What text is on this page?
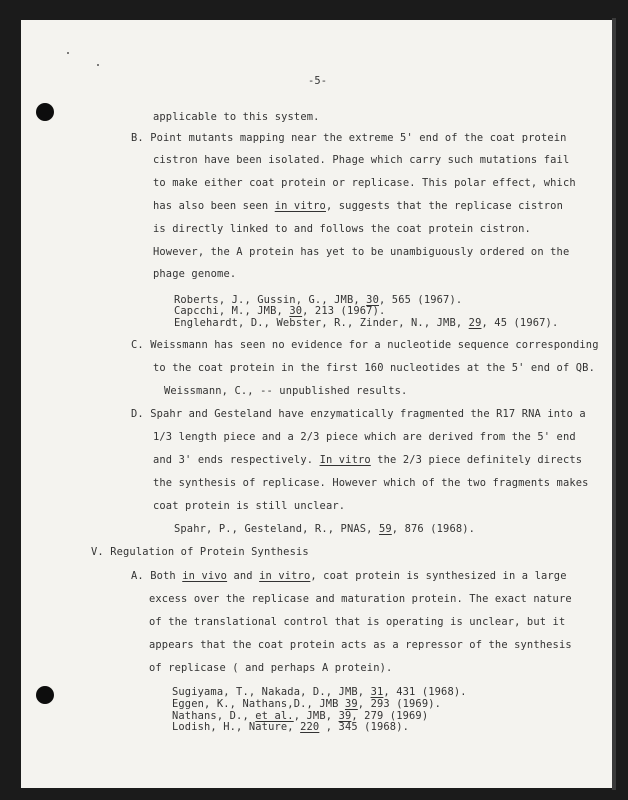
-5-
applicable to this system.
B. Point mutants mapping near the extreme 5' end of the coat protein
cistron have been isolated. Phage which carry such mutations fail
to make either coat protein or replicase. This polar effect, which
has also been seen in vitro, suggests that the replicase cistron
is directly linked to and follows the coat protein cistron.
However, the A protein has yet to be unambiguously ordered on the
phage genome.
Roberts, J., Gussin, G., JMB, 30, 565 (1967).
Capcchi, M., JMB, 30, 213 (1967).
Englehardt, D., Webster, R., Zinder, N., JMB, 29, 45 (1967).
C. Weissmann has seen no evidence for a nucleotide sequence corresponding
to the coat protein in the first 160 nucleotides at the 5' end of QB.
Weissmann, C., -- unpublished results.
D. Spahr and Gesteland have enzymatically fragmented the R17 RNA into a
1/3 length piece and a 2/3 piece which are derived from the 5' end
and 3' ends respectively. In vitro the 2/3 piece definitely directs
the synthesis of replicase. However which of the two fragments makes
coat protein is still unclear.
Spahr, P., Gesteland, R., PNAS, 59, 876 (1968).
V. Regulation of Protein Synthesis
A. Both in vivo and in vitro, coat protein is synthesized in a large
excess over the replicase and maturation protein. The exact nature
of the translational control that is operating is unclear, but it
appears that the coat protein acts as a repressor of the synthesis
of replicase ( and perhaps A protein).
Sugiyama, T., Nakada, D., JMB, 31, 431 (1968).
Eggen, K., Nathans,D., JMB 39, 293 (1969).
Nathans, D., et al., JMB, 39, 279 (1969)
Lodish, H., Nature, 220 , 345 (1968).
